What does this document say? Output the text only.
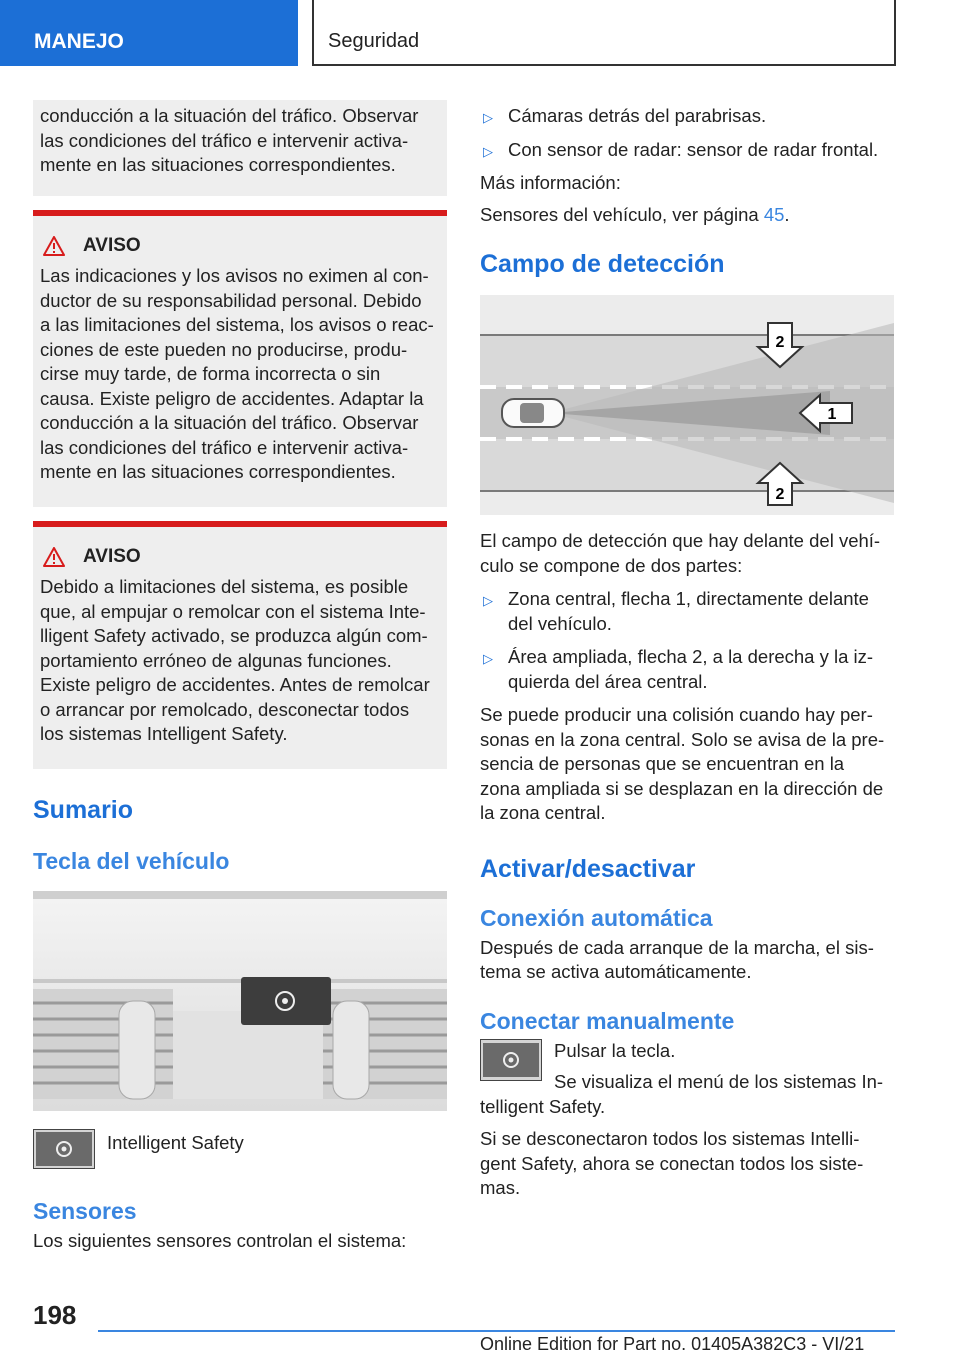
MANEJO	Seguridad
conducción a la situación del tráfico. Observar
las condiciones del tráfico e intervenir activa-
mente en las situaciones correspondientes.
AVISO
Las indicaciones y los avisos no eximen al con-
ductor de su responsabilidad personal. Debido
a las limitaciones del sistema, los avisos o reac-
ciones de este pueden no producirse, produ-
cirse muy tarde, de forma incorrecta o sin
causa. Existe peligro de accidentes. Adaptar la
conducción a la situación del tráfico. Observar
las condiciones del tráfico e intervenir activa-
mente en las situaciones correspondientes.
AVISO
Debido a limitaciones del sistema, es posible
que, al empujar o remolcar con el sistema Inte-
lligent Safety activado, se produzca algún com-
portamiento erróneo de algunas funciones.
Existe peligro de accidentes. Antes de remolcar
o arrancar por remolcado, desconectar todos
los sistemas Intelligent Safety.
Sumario
Tecla del vehículo
Intelligent Safety
Sensores
Los siguientes sensores controlan el sistema:
▷ Cámaras detrás del parabrisas.
▷ Con sensor de radar: sensor de radar frontal.
Más información:
Sensores del vehículo, ver página 45.
Campo de detección
2
1
2
El campo de detección que hay delante del vehí-
culo se compone de dos partes:
▷ Zona central, flecha 1, directamente delante
del vehículo.
▷ Área ampliada, flecha 2, a la derecha y la iz-
quierda del área central.
Se puede producir una colisión cuando hay per-
sonas en la zona central. Solo se avisa de la pre-
sencia de personas que se encuentran en la
zona ampliada si se desplazan en la dirección de
la zona central.
Activar/desactivar
Conexión automática
Después de cada arranque de la marcha, el sis-
tema se activa automáticamente.
Conectar manualmente
Pulsar la tecla.
Se visualiza el menú de los sistemas In-
telligent Safety.
Si se desconectaron todos los sistemas Intelli-
gent Safety, ahora se conectan todos los siste-
mas.
198
Online Edition for Part no. 01405A382C3 - VI/21
